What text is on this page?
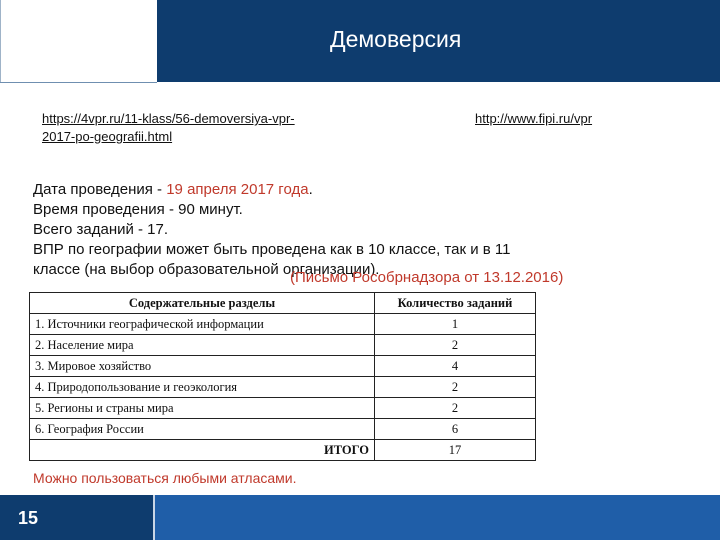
Демоверсия
https://4vpr.ru/11-klass/56-demoversiya-vpr-
2017-po-geografii.html
http://www.fipi.ru/vpr

Дата проведения - 19 апреля 2017 года.

Время проведения - 90 минут.

Всего заданий - 17.

ВПР по географии может быть проведена как в 10 классе, так и в 11

классе (на выбор образовательной организации).

(Письмо Рособрнадзора от 13.12.2016)
Содержательные разделы	Количество заданий
1. Источники географической информации	1
2. Население мира	2
3. Мировое хозяйство	4
4. Природопользование и геоэкология	2
5. Регионы и страны мира	2
6. География России	6
ИТОГО	17
Можно пользоваться любыми атласами.
15
